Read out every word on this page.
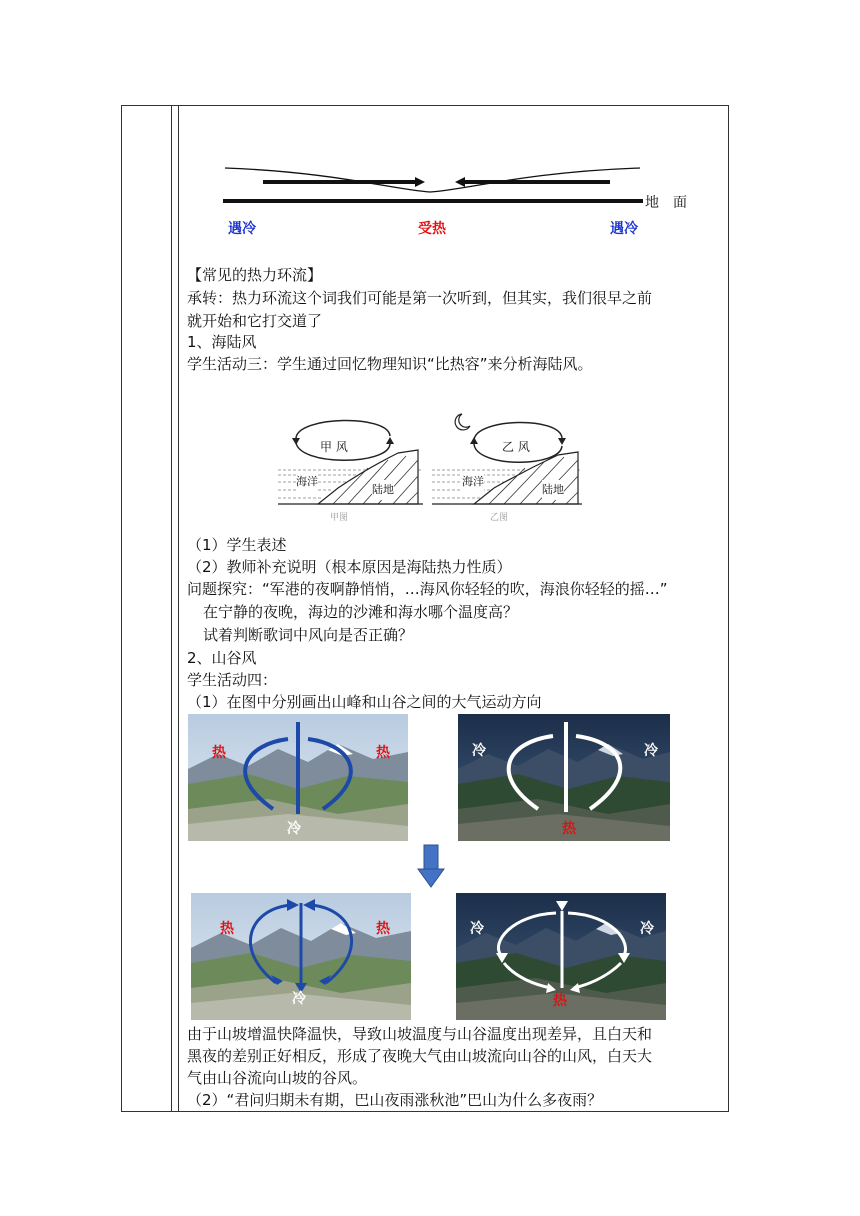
地　面
遇冷	受热	遇冷
【常见的热力环流】
承转：热力环流这个词我们可能是第一次听到，但其实，我们很早之前
就开始和它打交道了
1、海陆风
学生活动三：学生通过回忆物理知识“比热容”来分析海陆风。
甲 风
海洋
陆地
甲图
乙 风
海洋
陆地
乙图
（1）学生表述
（2）教师补充说明（根本原因是海陆热力性质）
问题探究：“军港的夜啊静悄悄，…海风你轻轻的吹，海浪你轻轻的摇…”
在宁静的夜晚，海边的沙滩和海水哪个温度高？
试着判断歌词中风向是否正确？
2、山谷风
学生活动四：
（1）在图中分别画出山峰和山谷之间的大气运动方向
热	热
冷
冷	冷
热
热	热
冷
冷	冷
热
由于山坡增温快降温快，导致山坡温度与山谷温度出现差异，且白天和
黑夜的差别正好相反，形成了夜晚大气由山坡流向山谷的山风，白天大
气由山谷流向山坡的谷风。
（2）“君问归期未有期，巴山夜雨涨秋池”巴山为什么多夜雨？
